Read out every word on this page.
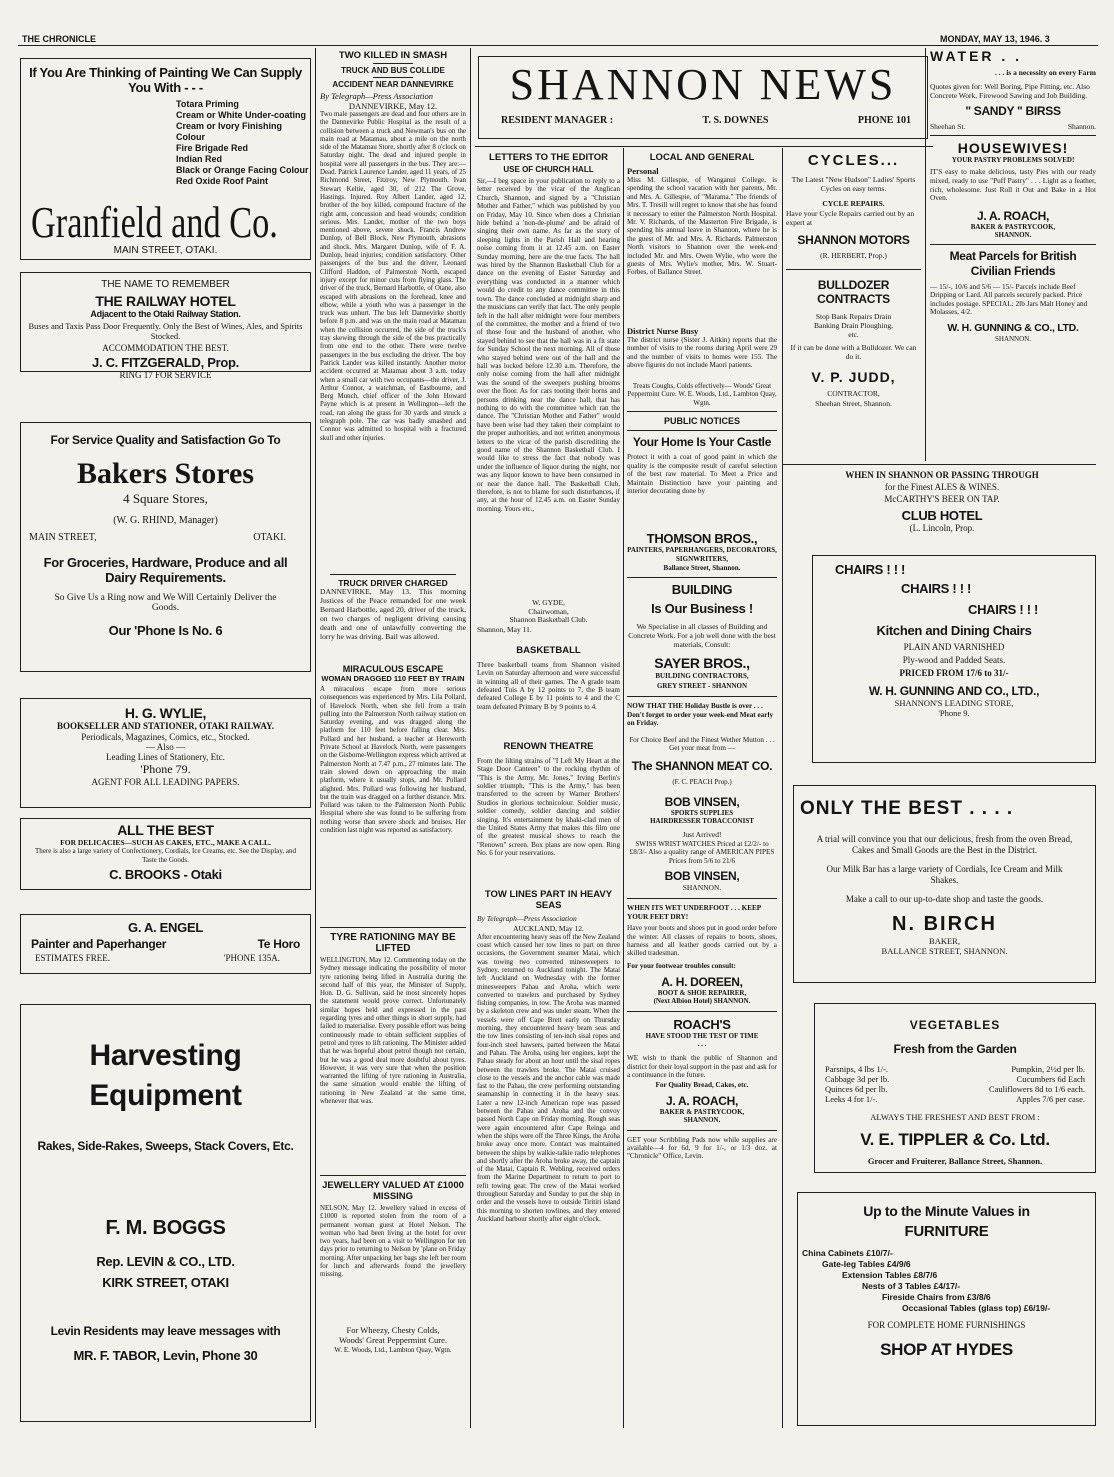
THE CHRONICLE	MONDAY, MAY 13, 1946. 3
If You Are Thinking of Painting We Can Supply You With - - -
Totara Priming
Cream or White Under-coating
Cream or Ivory Finishing Colour
Fire Brigade Red
Indian Red
Black or Orange Facing Colour
Red Oxide Roof Paint
Granfield and Co.
MAIN STREET, OTAKI.
THE NAME TO REMEMBER
THE RAILWAY HOTEL
Adjacent to the Otaki Railway Station.
Buses and Taxis Pass Door Frequently. Only the Best of Wines, Ales, and Spirits Stocked.
ACCOMMODATION THE BEST.
J. C. FITZGERALD, Prop.
RING 17 FOR SERVICE
For Service Quality and Satisfaction Go To
Bakers Stores
4 Square Stores,
(W. G. RHIND, Manager)
MAIN STREET,	OTAKI.
For Groceries, Hardware, Produce and all Dairy Requirements.
So Give Us a Ring now and We Will Certainly Deliver the Goods.
Our 'Phone Is No. 6
H. G. WYLIE,
BOOKSELLER AND STATIONER, OTAKI RAILWAY.
Periodicals, Magazines, Comics, etc., Stocked.
— Also —
Leading Lines of Stationery, Etc.
'Phone 79.
AGENT FOR ALL LEADING PAPERS.
ALL THE BEST
FOR DELICACIES—SUCH AS CAKES, ETC., MAKE A CALL.
There is also a large variety of Confectionery, Cordials, Ice Creams, etc. See the Display, and Taste the Goods.
C. BROOKS - Otaki
G. A. ENGEL
Painter and Paperhanger	Te Horo
ESTIMATES FREE.	'PHONE 135A.
Harvesting
Equipment
Rakes, Side-Rakes, Sweeps, Stack Covers, Etc.
F. M. BOGGS
Rep. LEVIN & CO., LTD.
KIRK STREET, OTAKI
Levin Residents may leave messages with
MR. F. TABOR, Levin, Phone 30
TWO KILLED IN SMASH
TRUCK AND BUS COLLIDE
ACCIDENT NEAR DANNEVIRKE
By Telegraph—Press Association
DANNEVIRKE, May 12.
Two male passengers are dead and four others are in the Dannevirke Public Hospital as the result of a collision between a truck and Newman's bus on the main road at Matamau, about a mile on the north side of the Matamau Store, shortly after 8 o'clock on Saturday night. The dead and injured people in hospital were all passengers in the bus. They are:— Dead. Patrick Laurence Lander, aged 11 years, of 25 Richmond Street, Fitzroy, New Plymouth. Ivan Stewart Keltie, aged 30, of 212 The Grove, Hastings. Injured. Roy Albert Lander, aged 12, brother of the boy killed, compound fracture of the right arm, concussion and head wounds; condition serious. Mrs. Lander, mother of the two boys mentioned above, severe shock. Francis Andrew Dunlop, of Bell Block, New Plymouth, abrasions and shock. Mrs. Margaret Dunlop, wife of F. A. Dunlop, head injuries; condition satisfactory. Other passengers of the bus and the driver, Leonard Clifford Haddon, of Palmerston North, escaped injury except for minor cuts from flying glass. The driver of the truck, Bernard Harbottle, of Otane, also escaped with abrasions on the forehead, knee and elbow, while a youth who was a passenger in the truck was unhurt. The bus left Dannevirke shortly before 8 p.m. and was on the main road at Matamau when the collision occurred, the side of the truck's tray skewing through the side of the bus practically from one end to the other. There were twelve passengers in the bus excluding the driver. The boy Patrick Lander was killed instantly. Another motor accident occurred at Matamau about 3 a.m. today when a small car with two occupants—the driver, J. Arthur Connor, a watchman, of Eastbourne, and Berg Munch, chief officer of the John Howard Payne which is at present in Wellington—left the road, ran along the grass for 30 yards and struck a telegraph pole. The car was badly smashed and Connor was admitted to hospital with a fractured skull and other injuries.
TRUCK DRIVER CHARGED
DANNEVIRKE, May 13. This morning Justices of the Peace remanded for one week Bernard Harbottle, aged 20, driver of the truck, on two charges of negligent driving causing death and one of unlawfully converting the lorry he was driving. Bail was allowed.
MIRACULOUS ESCAPE
WOMAN DRAGGED 110 FEET BY TRAIN
A miraculous escape from more serious consequences was experienced by Mrs. Lila Pollard, of Havelock North, when she fell from a train pulling into the Palmerston North railway station on Saturday evening, and was dragged along the platform for 110 feet before falling clear. Mrs. Pollard and her husband, a teacher at Hereworth Private School at Havelock North, were passengers on the Gisborne-Wellington express which arrived at Palmerston North at 7.47 p.m., 27 minutes late. The train slowed down on approaching the main platform, where it usually stops, and Mr. Pollard alighted. Mrs. Pollard was following her husband, but the train was dragged on a further distance. Mrs. Pollard was taken to the Palmerston North Public Hospital where she was found to be suffering from nothing worse than severe shock and bruises. Her condition last night was reported as satisfactory.
TYRE RATIONING MAY BE LIFTED
WELLINGTON, May 12. Commenting today on the Sydney message indicating the possibility of motor tyre rationing being lifted in Australia during the second half of this year, the Minister of Supply, Hon. D. G. Sullivan, said he most sincerely hopes the statement would prove correct. Unfortunately similar hopes held and expressed in the past regarding tyres and other things in short supply, had failed to materialise. Every possible effort was being continuously made to obtain sufficient supplies of petrol and tyres to lift rationing. The Minister added that he was hopeful about petrol though not certain, but he was a good deal more doubtful about tyres. However, it was very sure that when the position warranted the lifting of tyre rationing in Australia, the same situation would enable the lifting of rationing in New Zealand at the same time, whenever that was.
JEWELLERY VALUED AT £1000 MISSING
NELSON, May 12. Jewellery valued in excess of £1000 is reported stolen from the room of a permanent woman guest at Hotel Nelson. The woman who had been living at the hotel for over two years, had been on a visit to Wellington for ten days prior to returning to Nelson by 'plane on Friday morning. After unpacking her bags she left her room for lunch and afterwards found the jewellery missing.
For Wheezy, Chesty Colds,
Woods' Great Peppermint Cure.
W. E. Woods, Ltd., Lambton Quay, Wgtn.
SHANNON NEWS
RESIDENT MANAGER :	T. S. DOWNES	PHONE 101
LETTERS TO THE EDITOR
USE OF CHURCH HALL
Sir,—I beg space in your publication to reply to a letter received by the vicar of the Anglican Church, Shannon, and signed by a "Christian Mother and Father," which was published by you on Friday, May 10. Since when does a Christian hide behind a 'non-de-plume' and be afraid of singing their own name. As far as the story of sleeping lights in the Parish Hall and hearing noise coming from it at 12.45 a.m. on Easter Sunday morning, here are the true facts. The hall was hired by the Shannon Basketball Club for a dance on the evening of Easter Saturday and everything was conducted in a manner which would do credit to any dance committee in this town. The dance concluded at midnight sharp and the musicians can verify that fact. The only people left in the hall after midnight were four members of the committee, the mother and a friend of two of those four and the husband of another, who stayed behind to see that the hall was in a fit state for Sunday School the next morning. All of those who stayed behind were out of the hall and the hall was locked before 12.30 a.m. Therefore, the only noise coming from the hall after midnight was the sound of the sweepers pushing brooms over the floor. As for cars tooting their horns and persons drinking near the dance hall, that has nothing to do with the committee which ran the dance. The "Christian Mother and Father" would have been wise had they taken their complaint to the proper authorities, and not written anonymous letters to the vicar of the parish discrediting the good name of the Shannon Basketball Club. I would like to stress the fact that nobody was under the influence of liquor during the night, nor was any liquor known to have been consumed in or near the dance hall. The Basketball Club, therefore, is not to blame for such disturbances, if any, at the hour of 12.45 a.m. on Easter Sunday morning. Yours etc.,
W. GYDE,
Chairwoman,
Shannon Basketball Club.
Shannon, May 11.
BASKETBALL
Three basketball teams from Shannon visited Levin on Saturday afternoon and were successful in winning all of their games. The A grade team defeated Tuis A by 12 points to 7, the B team defeated College E by 11 points to 4 and the C team defeated Primary B by 9 points to 4.
RENOWN THEATRE
From the lilting strains of "I Left My Heart at the Stage Door Canteen" to the rocking rhythm of "This is the Army, Mr. Jones," Irving Berlin's soldier triumph, "This is the Army," has been transferred to the screen by Warner Brothers' Studios in glorious technicolour. Soldier music, soldier comedy, soldier dancing and soldier singing. It's entertainment by khaki-clad men of the United States Army that makes this film one of the greatest musical shows to reach the "Renown" screen. Box plans are now open. Ring No. 6 for your reservations.
TOW LINES PART IN HEAVY SEAS
By Telegraph—Press Association
AUCKLAND, May 12.
After encountering heavy seas off the New Zealand coast which caused her tow lines to part on three occasions, the Government steamer Matai, which was towing two converted minesweepers to Sydney, returned to Auckland tonight. The Matai left Auckland on Wednesday with the former minesweepers Pahau and Aroha, which were converted to trawlers and purchased by Sydney fishing companies, in tow. The Aroha was manned by a skeleton crew and was under steam. When the vessels were off Cape Brett early on Thursday morning, they encountered heavy beam seas and the tow lines consisting of ten-inch sisal ropes and four-inch steel hawsers, parted between the Matai and Pahau. The Aroha, using her engines, kept the Pahau steady for about an hour until the sisal ropes between the trawlers broke. The Matai cruised close to the vessels and the anchor cable was made fast to the Pahau, the crew performing outstanding seamanship in connecting it in the heavy seas. Later a new 12-inch American rope was passed between the Pahau and Aroha and the convoy passed North Cape on Friday morning. Rough seas were again encountered after Cape Reinga and when the ships were off the Three Kings, the Aroha broke away once more. Contact was maintained between the ships by walkie-talkie radio telephones and shortly after the Aroha broke away, the captain of the Matai, Captain R. Webling, received orders from the Marine Department to return to port to refit towing gear. The crew of the Matai worked throughout Saturday and Sunday to put the ship in order and the vessels hove to outside Tiritiri island this morning to shorten towlines, and they entered Auckland harbour shortly after eight o'clock.
LOCAL AND GENERAL
Personal
Miss M. Gillespie, of Wanganui College, is spending the school vacation with her parents, Mr. and Mrs. A. Gillespie, of "Marama." The friends of Mrs. T. Tresill will regret to know that she has found it necessary to enter the Palmerston North Hospital. Mr. V. Richards, of the Masterton Fire Brigade, is spending his annual leave in Shannon, where he is the guest of Mr. and Mrs. A. Richards. Palmerston North visitors to Shannon over the week-end included Mr. and Mrs. Owen Wylie, who were the guests of Mrs. Wylie's mother, Mrs. W. Stuart-Forbes, of Ballance Street.
District Nurse Busy
The district nurse (Sister J. Aitkin) reports that the number of visits to the rooms during April were 29 and the number of visits to homes were 155. The above figures do not include Maori patients.
Treats Coughs, Colds effectively— Woods' Great Peppermint Cure. W. E. Woods, Ltd., Lambton Quay, Wgtn.
PUBLIC NOTICES
Your Home Is Your Castle
Protect it with a coat of good paint in which the quality is the composite result of careful selection of the best raw material. To Meet a Price and Maintain Distinction have your painting and interior decorating done by
THOMSON BROS.,
PAINTERS, PAPERHANGERS, DECORATORS, SIGNWRITERS,
Ballance Street, Shannon.
BUILDING
Is Our Business !
We Specialise in all classes of Building and Concrete Work. For a job well done with the best materials, Consult:
SAYER BROS.,
BUILDING CONTRACTORS,
GREY STREET - SHANNON
NOW THAT THE Holiday Bustle is over . . . Don't forget to order your week-end Meat early on Friday.
For Choice Beef and the Finest Wether Mutton . . . Get your meat from —
The SHANNON MEAT CO.
(F. C. PEACH Prop.)
BOB VINSEN,
SPORTS SUPPLIES HAIRDRESSER TOBACCONIST
Just Arrived!
SWISS WRIST WATCHES Priced at £2/2/- to £8/3/- Also a quality range of AMERICAN PIPES Prices from 5/6 to 21/6
BOB VINSEN,
SHANNON.
WHEN ITS WET UNDERFOOT . . . KEEP YOUR FEET DRY!
Have your boots and shoes put in good order before the winter. All classes of repairs to boots, shoes, harness and all leather goods carried out by a skilled tradesman.
For your footwear troubles consult:
A. H. DOREEN,
BOOT & SHOE REPAIRER, (Next Albion Hotel) SHANNON.
ROACH'S
HAVE STOOD THE TEST OF TIME . . .
WE wish to thank the public of Shannon and district for their loyal support in the past and ask for a continuance in the future.
For Quality Bread, Cakes, etc.
J. A. ROACH,
BAKER & PASTRYCOOK, SHANNON.
GET your Scribbling Pads now while supplies are available—4 for 6d, 9 for 1/-, or 1/3 doz. at "Chronicle" Office, Levin.
CYCLES...
The Latest "New Hudson" Ladies' Sports Cycles on easy terms.
CYCLE REPAIRS.
Have your Cycle Repairs carried out by an expert at
SHANNON MOTORS
(R. HERBERT, Prop.)
BULLDOZER CONTRACTS
Stop Bank Repairs Drain Banking Drain Ploughing, etc.
If it can be done with a Bulldozer. We can do it.
V. P. JUDD,
CONTRACTOR,
Sheehan Street, Shannon.
WATER . .
. . . is a necessity on every Farm
Quotes given for: Well Boring, Pipe Fitting, etc. Also Concrete Work, Firewood Sawing and Job Building.
" SANDY " BIRSS
Sheehan St.	Shannon.
HOUSEWIVES!
YOUR PASTRY PROBLEMS SOLVED!
IT'S easy to make delicious, tasty Pies with our ready mixed, ready to use "Puff Pastry" . . . Light as a feather, rich, wholesome. Just Roll it Out and Bake in a Hot Oven.
J. A. ROACH,
BAKER & PASTRYCOOK, SHANNON.
Meat Parcels for British Civilian Friends
— 15/-, 10/6 and 5/6 — 15/- Parcels include Beef Dripping or Lard. All parcels securely packed. Price includes postage. SPECIAL: 2lb Jars Malt Honey and Molasses, 4/2.
W. H. GUNNING & CO., LTD.
SHANNON.
WHEN IN SHANNON OR PASSING THROUGH
for the Finest ALES & WINES.
McCARTHY'S BEER ON TAP.
CLUB HOTEL
(L. Lincoln, Prop.
CHAIRS ! ! !
CHAIRS ! ! !
CHAIRS ! ! !
Kitchen and Dining Chairs
PLAIN AND VARNISHED
Ply-wood and Padded Seats.
PRICED FROM 17/6 to 31/-
W. H. GUNNING AND CO., LTD.,
SHANNON'S LEADING STORE,
'Phone 9.
ONLY THE BEST . . . .
A trial will convince you that our delicious, fresh from the oven Bread, Cakes and Small Goods are the Best in the District.
Our Milk Bar has a large variety of Cordials, Ice Cream and Milk Shakes.
Make a call to our up-to-date shop and taste the goods.
N. BIRCH
BAKER,
BALLANCE STREET, SHANNON.
VEGETABLES
Fresh from the Garden
Parsnips, 4 lbs 1/-.	Pumpkin, 2½d per lb.
Cabbage 3d per lb.	Cucumbers 6d Each
Quinces 6d per lb.	Cauliflowers 8d to 1/6 each.
Leeks 4 for 1/-.	Apples 7/6 per case.
ALWAYS THE FRESHEST AND BEST FROM :
V. E. TIPPLER & Co. Ltd.
Grocer and Fruiterer, Ballance Street, Shannon.
Up to the Minute Values in
FURNITURE
China Cabinets £10/7/-
Gate-leg Tables £4/9/6
Extension Tables £8/7/6
Nests of 3 Tables £4/17/-
Fireside Chairs from £3/8/6
Occasional Tables (glass top) £6/19/-
FOR COMPLETE HOME FURNISHINGS
SHOP AT HYDES
